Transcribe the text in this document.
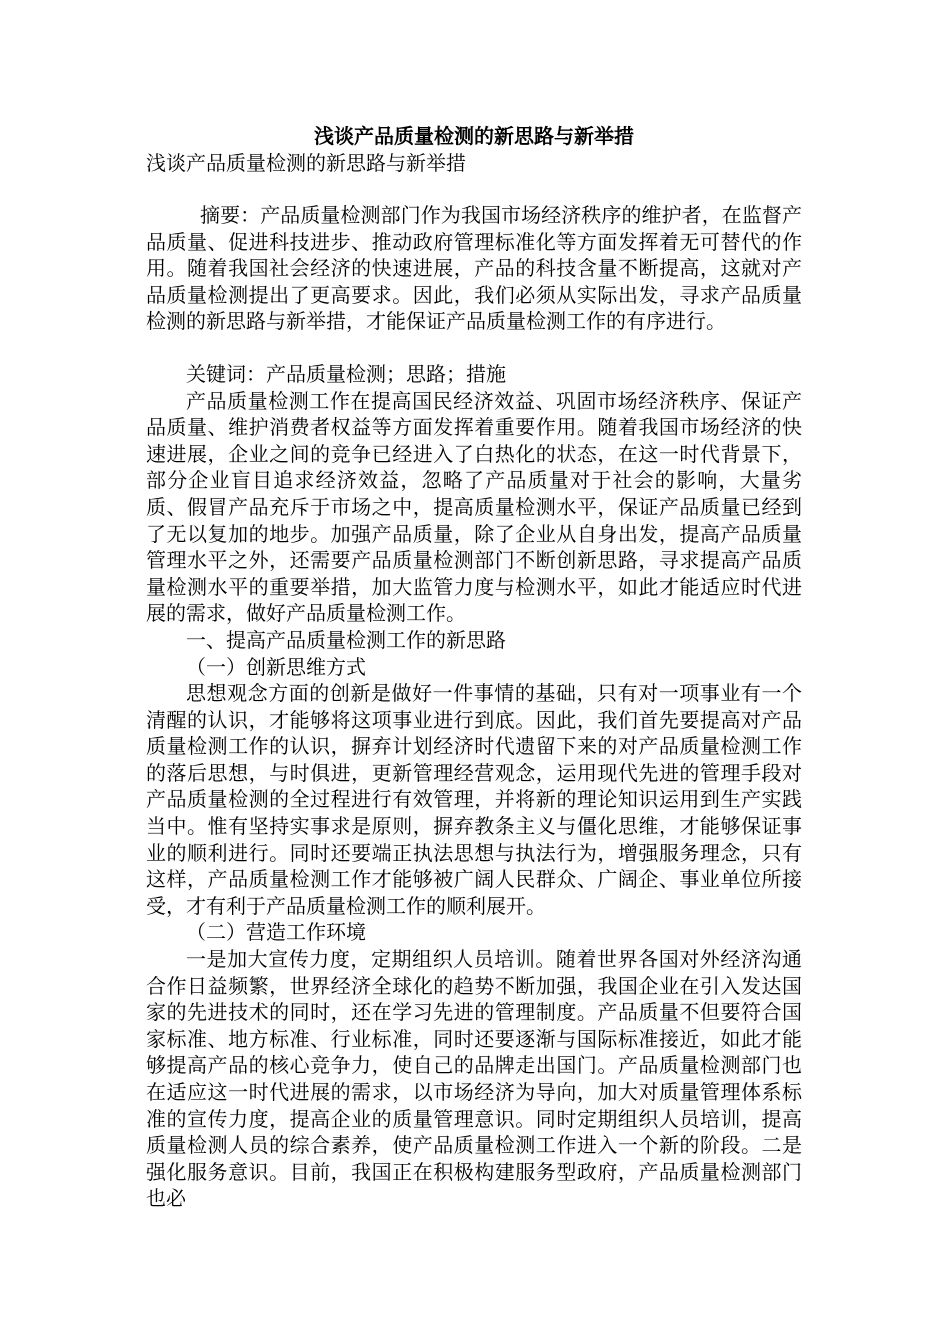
浅谈产品质量检测的新思路与新举措

浅谈产品质量检测的新思路与新举措

摘要：产品质量检测部门作为我国市场经济秩序的维护者，在监督产品质量、促进科技进步、推动政府管理标准化等方面发挥着无可替代的作用。随着我国社会经济的快速进展，产品的科技含量不断提高，这就对产品质量检测提出了更高要求。因此，我们必须从实际出发，寻求产品质量检测的新思路与新举措，才能保证产品质量检测工作的有序进行。

关键词：产品质量检测；思路；措施

产品质量检测工作在提高国民经济效益、巩固市场经济秩序、保证产品质量、维护消费者权益等方面发挥着重要作用。随着我国市场经济的快速进展，企业之间的竞争已经进入了白热化的状态，在这一时代背景下，部分企业盲目追求经济效益，忽略了产品质量对于社会的影响，大量劣质、假冒产品充斥于市场之中，提高质量检测水平，保证产品质量已经到了无以复加的地步。加强产品质量，除了企业从自身出发，提高产品质量管理水平之外，还需要产品质量检测部门不断创新思路，寻求提高产品质量检测水平的重要举措，加大监管力度与检测水平，如此才能适应时代进展的需求，做好产品质量检测工作。

一、提高产品质量检测工作的新思路

（一）创新思维方式

思想观念方面的创新是做好一件事情的基础，只有对一项事业有一个清醒的认识，才能够将这项事业进行到底。因此，我们首先要提高对产品质量检测工作的认识，摒弃计划经济时代遗留下来的对产品质量检测工作的落后思想，与时俱进，更新管理经营观念，运用现代先进的管理手段对产品质量检测的全过程进行有效管理，并将新的理论知识运用到生产实践当中。惟有坚持实事求是原则，摒弃教条主义与僵化思维，才能够保证事业的顺利进行。同时还要端正执法思想与执法行为，增强服务理念，只有这样，产品质量检测工作才能够被广阔人民群众、广阔企、事业单位所接受，才有利于产品质量检测工作的顺利展开。

（二）营造工作环境

一是加大宣传力度，定期组织人员培训。随着世界各国对外经济沟通合作日益频繁，世界经济全球化的趋势不断加强，我国企业在引入发达国家的先进技术的同时，还在学习先进的管理制度。产品质量不但要符合国家标准、地方标准、行业标准，同时还要逐渐与国际标准接近，如此才能够提高产品的核心竞争力，使自己的品牌走出国门。产品质量检测部门也在适应这一时代进展的需求，以市场经济为导向，加大对质量管理体系标准的宣传力度，提高企业的质量管理意识。同时定期组织人员培训，提高质量检测人员的综合素养，使产品质量检测工作进入一个新的阶段。二是强化服务意识。目前，我国正在积极构建服务型政府，产品质量检测部门也必
